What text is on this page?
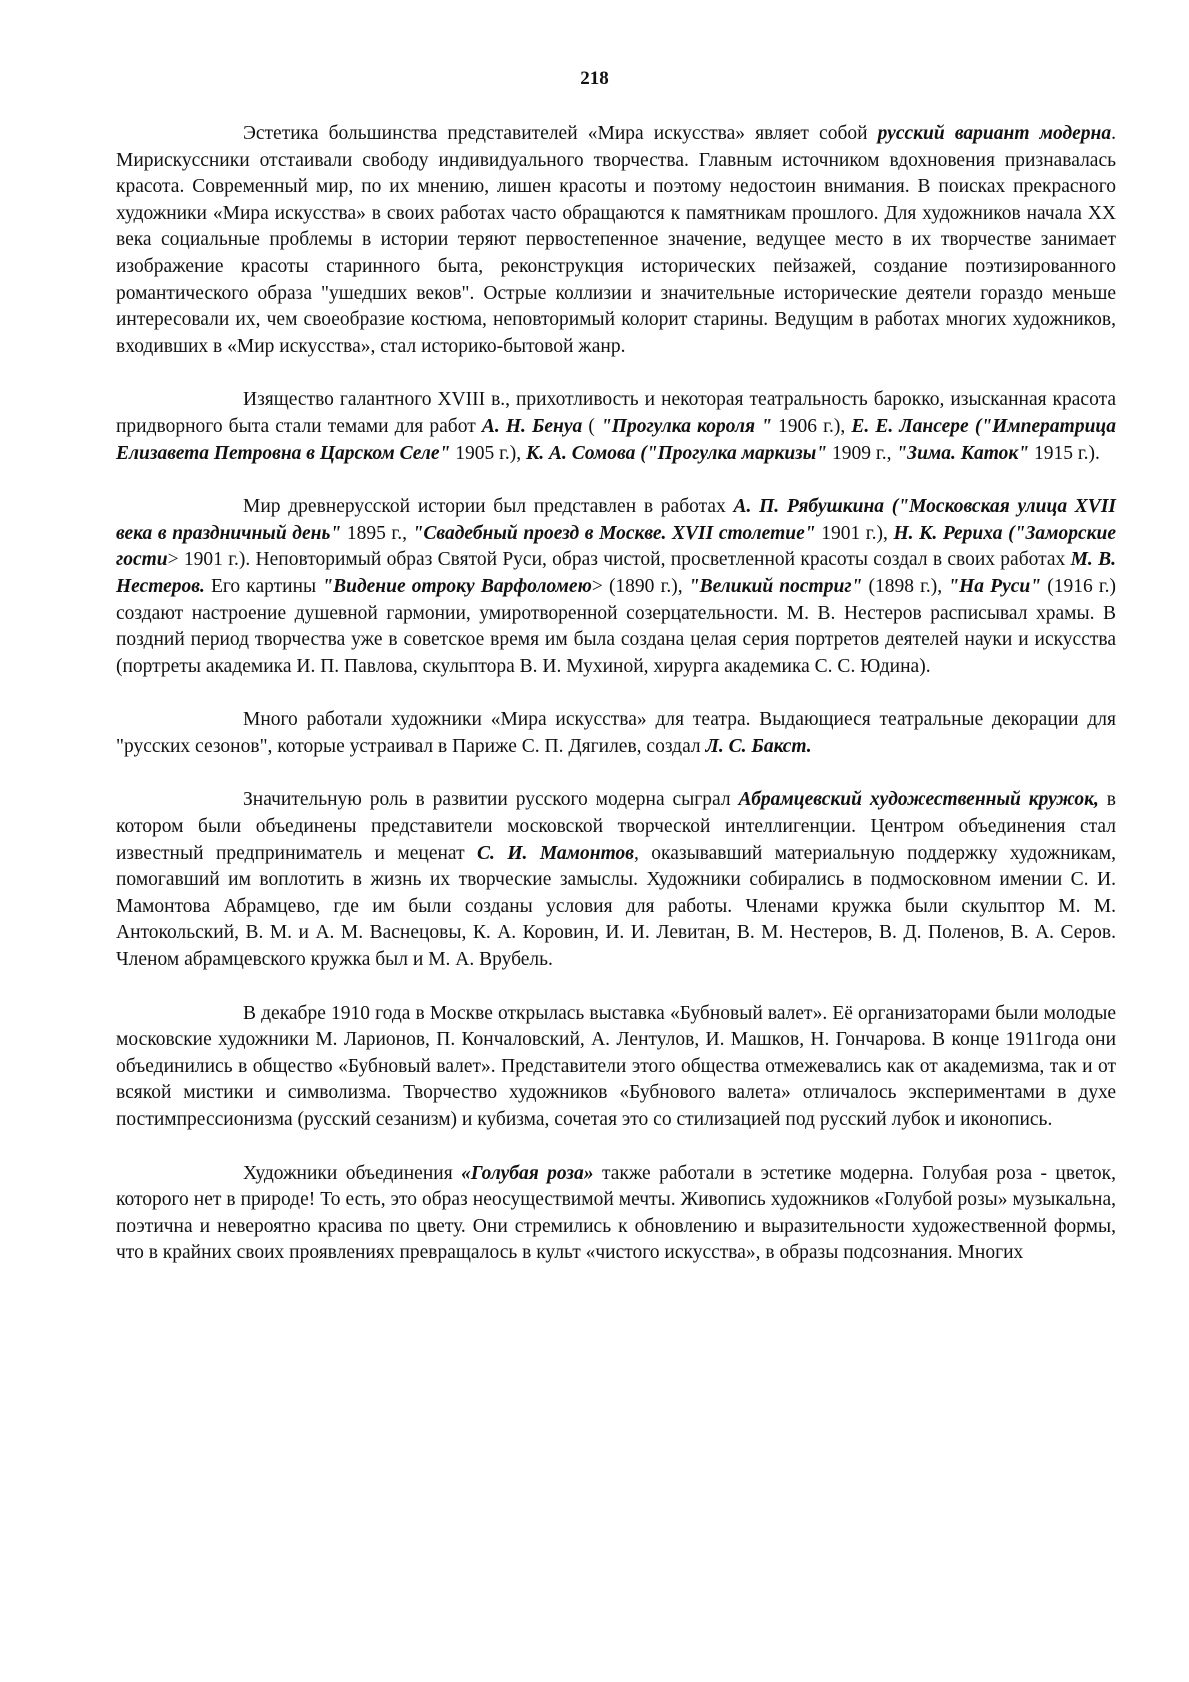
218

Эстетика большинства представителей «Мира искусства» являет собой русский вариант модерна. Мирискуссники отстаивали свободу индивидуального творчества. Главным источником вдохновения признавалась красота. Современный мир, по их мнению, лишен красоты и поэтому недостоин внимания. В поисках прекрасного художники «Мира искусства» в своих работах часто обращаются к памятникам прошлого. Для художников начала XX века социальные проблемы в истории теряют первостепенное значение, ведущее место в их творчестве занимает изображение красоты старинного быта, реконструкция исторических пейзажей, создание поэтизированного романтического образа "ушедших веков". Острые коллизии и значительные исторические деятели гораздо меньше интересовали их, чем своеобразие костюма, неповторимый колорит старины. Ведущим в работах многих художников, входивших в «Мир искусства», стал историко-бытовой жанр.

Изящество галантного XVIII в., прихотливость и некоторая театральность барокко, изысканная красота придворного быта стали темами для работ А. Н. Бенуа ( "Прогулка короля " 1906 г.), Е. Е. Лансере ("Императрица Елизавета Петровна в Царском Селе" 1905 г.), К. А. Сомова ("Прогулка маркизы" 1909 г., "Зима. Каток" 1915 г.).

Мир древнерусской истории был представлен в работах А. П. Рябушкина ("Московская улица XVII века в праздничный день" 1895 г., "Свадебный проезд в Москве. XVII столетие" 1901 г.), Н. К. Рериха ("Заморские гости> 1901 г.). Неповторимый образ Святой Руси, образ чистой, просветленной красоты создал в своих работах М. В. Нестеров. Его картины "Видение отроку Варфоломею> (1890 г.), "Великий постриг" (1898 г.), "На Руси" (1916 г.) создают настроение душевной гармонии, умиротворенной созерцательности. М. В. Нестеров расписывал храмы. В поздний период творчества уже в советское время им была создана целая серия портретов деятелей науки и искусства (портреты академика И. П. Павлова, скульптора В. И. Мухиной, хирурга академика С. С. Юдина).

Много работали художники «Мира искусства» для театра. Выдающиеся театральные декорации для "русских сезонов", которые устраивал в Париже С. П. Дягилев, создал Л. С. Бакст.

Значительную роль в развитии русского модерна сыграл Абрамцевский художественный кружок, в котором были объединены представители московской творческой интеллигенции. Центром объединения стал известный предприниматель и меценат С. И. Мамонтов, оказывавший материальную поддержку художникам, помогавший им воплотить в жизнь их творческие замыслы. Художники собирались в подмосковном имении С. И. Мамонтова Абрамцево, где им были созданы условия для работы. Членами кружка были скульптор М. М. Антокольский, В. М. и А. М. Васнецовы, К. А. Коровин, И. И. Левитан, В. М. Нестеров, В. Д. Поленов, В. А. Серов. Членом абрамцевского кружка был и М. А. Врубель.

В декабре 1910 года в Москве открылась выставка «Бубновый валет». Её организаторами были молодые московские художники М. Ларионов, П. Кончаловский, А. Лентулов, И. Машков, Н. Гончарова. В конце 1911года они объединились в общество «Бубновый валет». Представители этого общества отмежевались как от академизма, так и от всякой мистики и символизма. Творчество художников «Бубнового валета» отличалось экспериментами в духе постимпрессионизма (русский сезанизм) и кубизма, сочетая это со стилизацией под русский лубок и иконопись.

Художники объединения «Голубая роза» также работали в эстетике модерна. Голубая роза - цветок, которого нет в природе! То есть, это образ неосуществимой мечты. Живопись художников «Голубой розы» музыкальна, поэтична и невероятно красива по цвету. Они стремились к обновлению и выразительности художественной формы, что в крайних своих проявлениях превращалось в культ «чистого искусства», в образы подсознания. Многих
